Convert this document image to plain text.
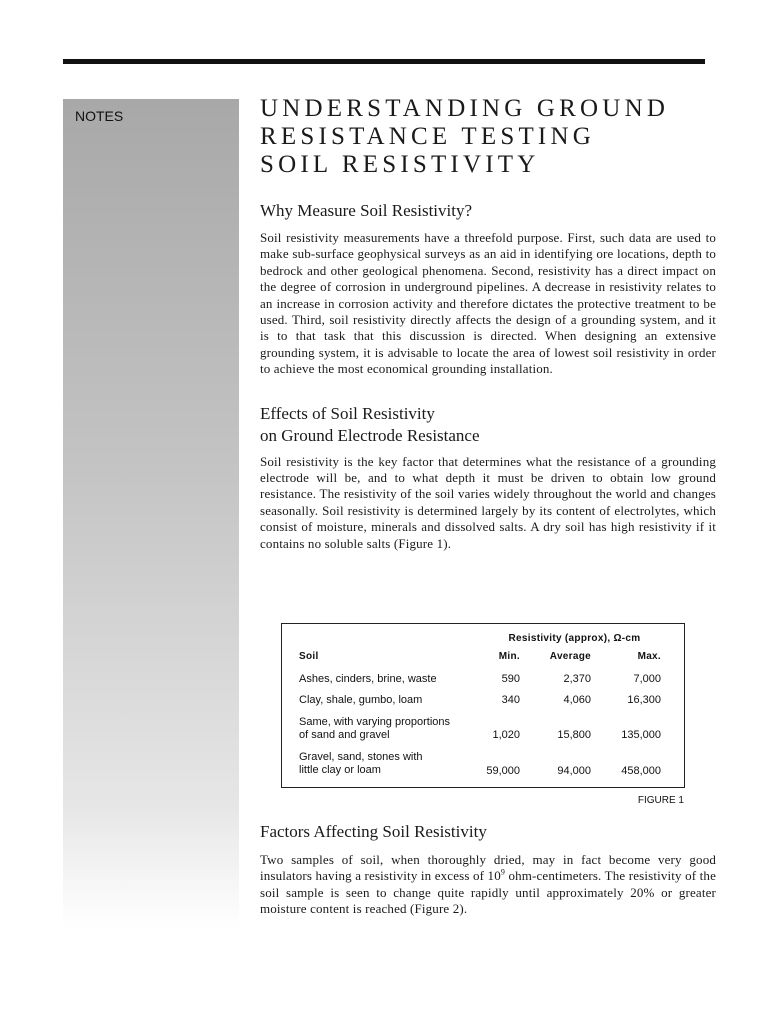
NOTES	UNDERSTANDING GROUND
RESISTANCE TESTING
SOIL RESISTIVITY
Why Measure Soil Resistivity?

Soil resistivity measurements have a threefold purpose. First, such data are used to make sub-surface geophysical surveys as an aid in identifying ore locations, depth to bedrock and other geological phenomena. Second, resistivity has a direct impact on the degree of corrosion in underground pipelines. A decrease in resistivity relates to an increase in corrosion activity and therefore dictates the protective treatment to be used. Third, soil resistivity directly affects the design of a grounding system, and it is to that task that this discussion is directed. When designing an extensive grounding system, it is advisable to locate the area of lowest soil resistivity in order to achieve the most economical grounding installation.

Effects of Soil Resistivity
on Ground Electrode Resistance

Soil resistivity is the key factor that determines what the resistance of a grounding electrode will be, and to what depth it must be driven to obtain low ground resistance. The resistivity of the soil varies widely throughout the world and changes seasonally. Soil resistivity is determined largely by its content of electrolytes, which consist of moisture, minerals and dissolved salts. A dry soil has high resistivity if it contains no soluble salts (Figure 1).

Resistivity (approx), Ω-cm
Soil	Min.	Average	Max.
Ashes, cinders, brine, waste	590	2,370	7,000
Clay, shale, gumbo, loam	340	4,060	16,300
Same, with varying proportions
of sand and gravel	1,020	15,800	135,000
Gravel, sand, stones with
little clay or loam	59,000	94,000	458,000
FIGURE 1
Factors Affecting Soil Resistivity

Two samples of soil, when thoroughly dried, may in fact become very good insulators having a resistivity in excess of $10^9$ ohm-centimeters. The resistivity of the soil sample is seen to change quite rapidly until approximately 20% or greater moisture content is reached (Figure 2).
